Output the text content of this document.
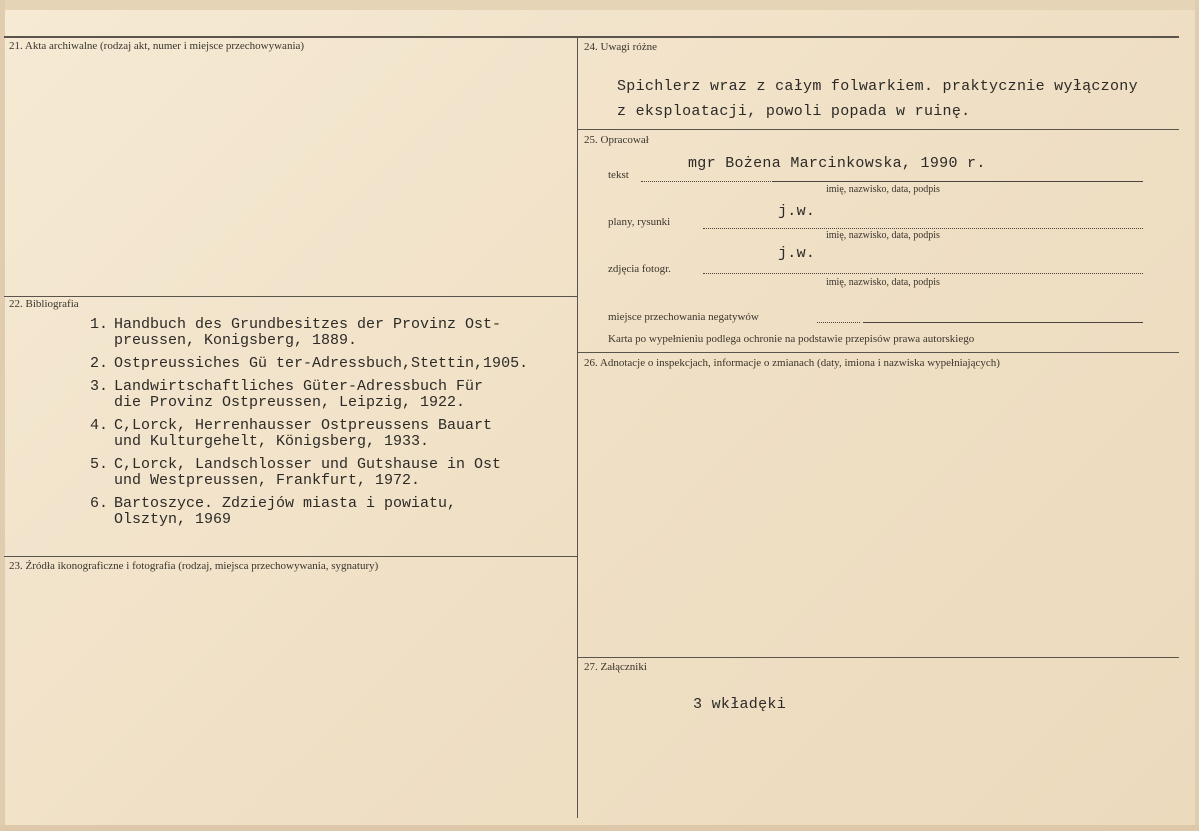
21. Akta archiwalne (rodzaj akt, numer i miejsce przechowywania)	24. Uwagi różne
Spichlerz wraz z całym folwarkiem. praktycznie wyłączony
z eksploatacji, powoli popada w ruinę.
25. Opracował
mgr Bożena Marcinkowska, 1990 r.
tekst
imię, nazwisko, data, podpis
j.w.
plany, rysunki
imię, nazwisko, data, podpis
j.w.
zdjęcia fotogr.
imię, nazwisko, data, podpis
miejsce przechowania negatywów
Karta po wypełnieniu podlega ochronie na podstawie przepisów prawa autorskiego
22. Bibliografia
1. Handbuch des Grundbesitzes der Provinz Ost-
preussen, Konigsberg, 1889.
2. Ostpreussiches Gü ter-Adressbuch,Stettin,1905.
3. Landwirtschaftliches Güter-Adressbuch Für
die Provinz Ostpreussen, Leipzig, 1922.
4. C,Lorck, Herrenhausser Ostpreussens Bauart
und Kulturgehelt, Königsberg, 1933.
5. C,Lorck, Landschlosser und Gutshause in Ost
und Westpreussen, Frankfurt, 1972.
6. Bartoszyce. Zdziejów miasta i powiatu,
Olsztyn, 1969
26. Adnotacje o inspekcjach, informacje o zmianach (daty, imiona i nazwiska wypełniających)
23. Źródła ikonograficzne i fotografia (rodzaj, miejsca przechowywania, sygnatury)
27. Załączniki
3 wkładęki
